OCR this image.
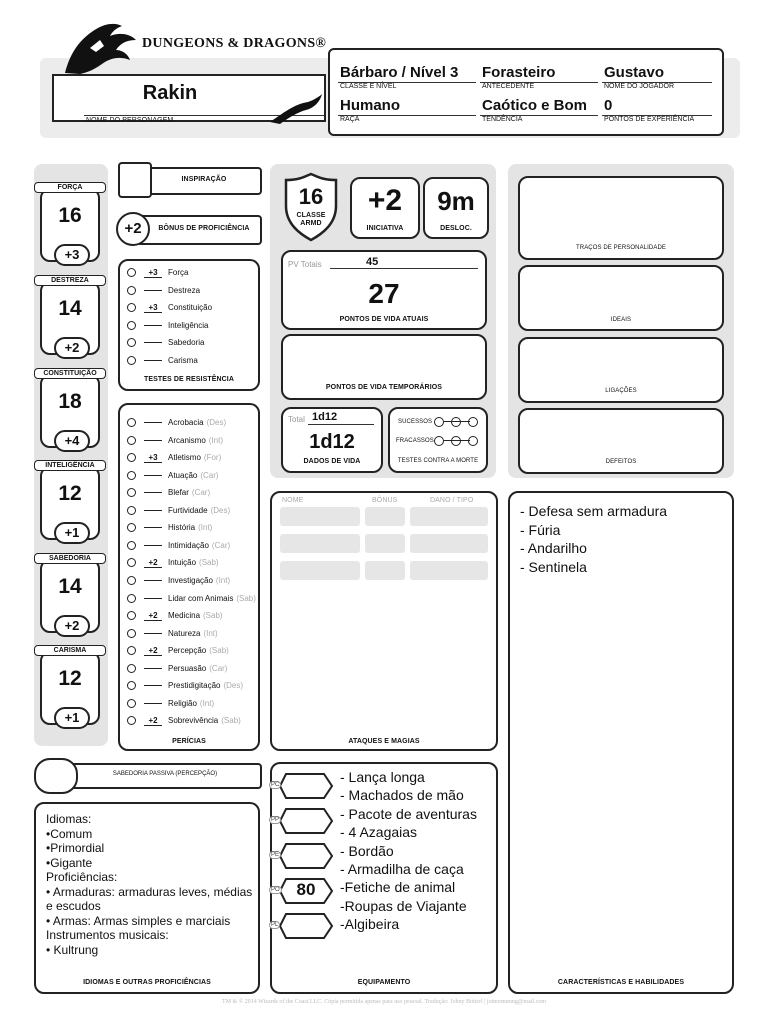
DUNGEONS & DRAGONS®
Rakin
NOME DO PERSONAGEM
Bárbaro / Nível 3
CLASSE E NÍVEL
Forasteiro
ANTECEDENTE
Gustavo
NOME DO JOGADOR
Humano
RAÇA
Caótico e Bom
TENDÊNCIA
0
PONTOS DE EXPERIÊNCIA
FORÇA
16
+3
DESTREZA
14
+2
CONSTITUIÇÃO
18
+4
INTELIGÊNCIA
12
+1
SABEDORIA
14
+2
CARISMA
12
+1
INSPIRAÇÃO
+2	BÔNUS DE PROFICIÊNCIA
+3	Força
Destreza
+3	Constituição
Inteligência
Sabedoria
Carisma
TESTES DE RESISTÊNCIA
Acrobacia (Des)
Arcanismo (Int)
+3	Atletismo (For)
Atuação (Car)
Blefar (Car)
Furtividade (Des)
História (Int)
Intimidação (Car)
+2	Intuição (Sab)
Investigação (Int)
Lidar com Animais (Sab)
+2	Medicina (Sab)
Natureza (Int)
+2	Percepção (Sab)
Persuasão (Car)
Prestidigitação (Des)
Religião (Int)
+2	Sobrevivência (Sab)
PERÍCIAS
SABEDORIA PASSIVA (PERCEPÇÃO)
Idiomas:
•Comum
•Primordial
•Gigante
Proficiências:
• Armaduras: armaduras leves, médias
e escudos
• Armas: Armas simples e marciais
Instrumentos musicais:
• Kultrung
IDIOMAS E OUTRAS PROFICIÊNCIAS
16
CLASSE
ARMD
+2
INICIATIVA
9m
DESLOC.
PV Totais	45
27
PONTOS DE VIDA ATUAIS
PONTOS DE VIDA TEMPORÁRIOS
Total 1d12
1d12
DADOS DE VIDA
SUCESSOS
FRACASSOS
TESTES CONTRA A MORTE
NOME	BÔNUS	DANO / TIPO
ATAQUES E MAGIAS
PC
PP
PE
PO 80
PL
- Lança longa
- Machados de mão
- Pacote de aventuras
- 4 Azagaias
- Bordão
- Armadilha de caça
-Fetiche de animal
-Roupas de Viajante
-Algibeira
EQUIPAMENTO
TRAÇOS DE PERSONALIDADE
IDEAIS
LIGAÇÕES
DEFEITOS
- Defesa sem armadura
- Fúria
- Andarilho
- Sentinela
CARACTERÍSTICAS E HABILIDADES
TM & © 2014 Wizards of the Coast LLC. Cópia permitida apenas para uso pessoal. Tradução: Johny Bottcrl | jotnornumng@mail.com
